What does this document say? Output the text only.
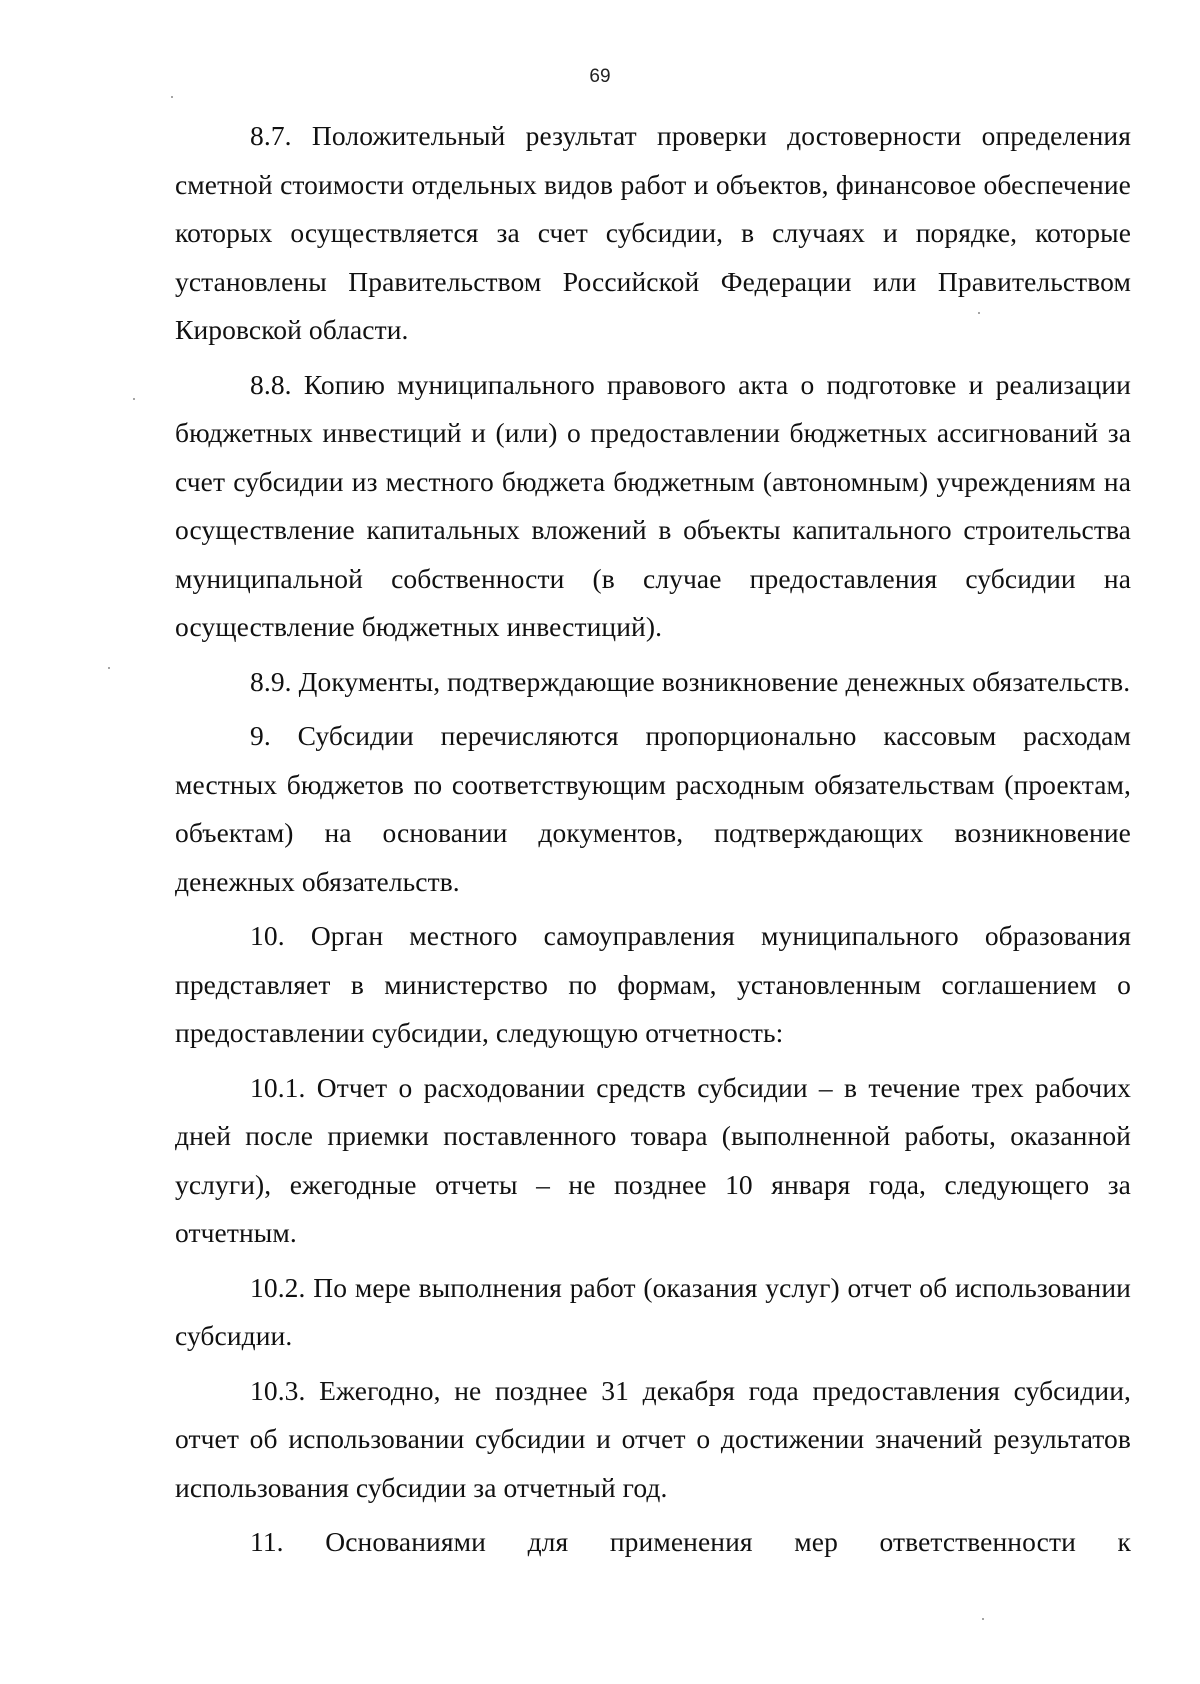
69

8.7. Положительный результат проверки достоверности определения сметной стоимости отдельных видов работ и объектов, финансовое обеспечение которых осуществляется за счет субсидии, в случаях и порядке, которые установлены Правительством Российской Федерации или Правительством Кировской области.

8.8. Копию муниципального правового акта о подготовке и реализации бюджетных инвестиций и (или) о предоставлении бюджетных ассигнований за счет субсидии из местного бюджета бюджетным (автономным) учреждениям на осуществление капитальных вложений в объекты капитального строительства муниципальной собственности (в случае предоставления субсидии на осуществление бюджетных инвестиций).

8.9. Документы, подтверждающие возникновение денежных обязательств.

9. Субсидии перечисляются пропорционально кассовым расходам местных бюджетов по соответствующим расходным обязательствам (проектам, объектам) на основании документов, подтверждающих возникновение денежных обязательств.

10. Орган местного самоуправления муниципального образования представляет в министерство по формам, установленным соглашением о предоставлении субсидии, следующую отчетность:

10.1. Отчет о расходовании средств субсидии – в течение трех рабочих дней после приемки поставленного товара (выполненной работы, оказанной услуги), ежегодные отчеты – не позднее 10 января года, следующего за отчетным.

10.2. По мере выполнения работ (оказания услуг) отчет об использовании субсидии.

10.3. Ежегодно, не позднее 31 декабря года предоставления субсидии, отчет об использовании субсидии и отчет о достижении значений результатов использования субсидии за отчетный год.

11. Основаниями для применения мер ответственности к
